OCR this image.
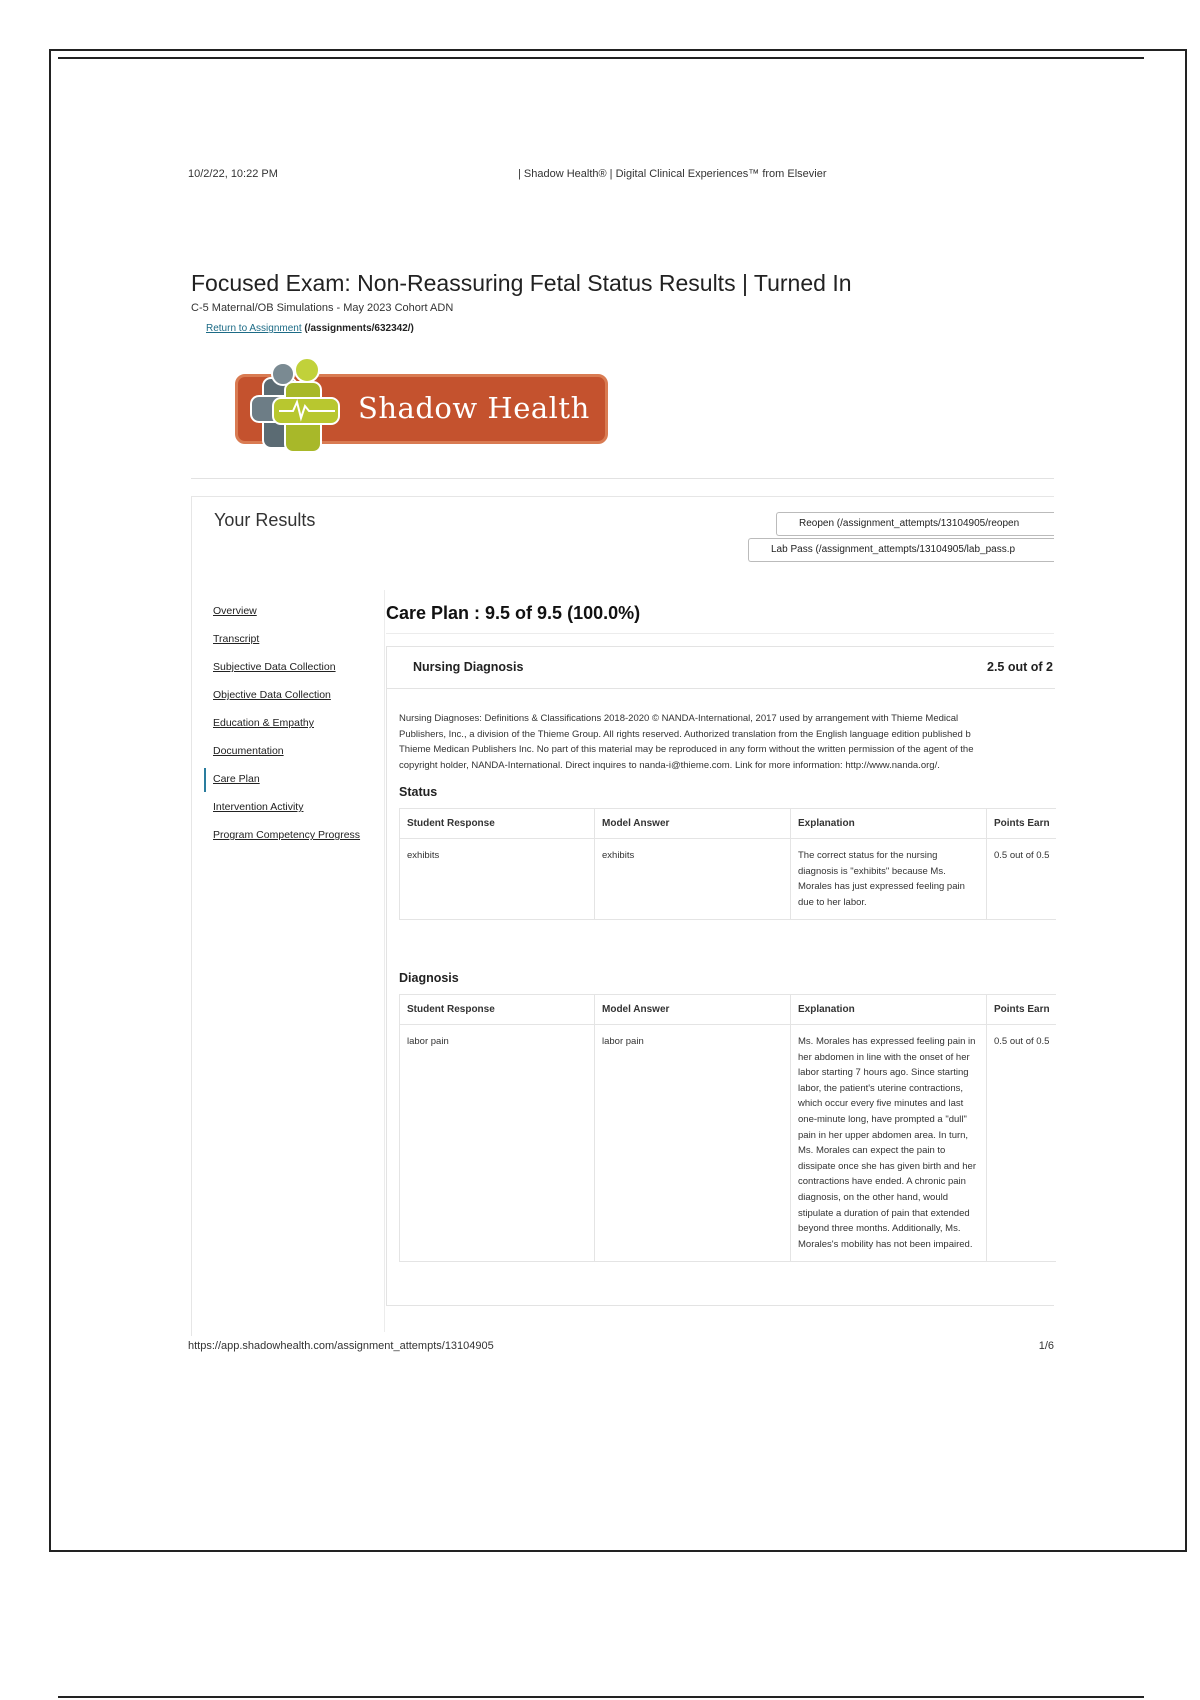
10/2/22, 10:22 PM	| Shadow Health® | Digital Clinical Experiences™ from Elsevier
Focused Exam: Non-Reassuring Fetal Status Results | Turned In
C-5 Maternal/OB Simulations - May 2023 Cohort ADN
Return to Assignment (/assignments/632342/)
Shadow Health
Your Results	Reopen (/assignment_attempts/13104905/reopen
Lab Pass (/assignment_attempts/13104905/lab_pass.p
Overview
Transcript
Subjective Data Collection
Objective Data Collection
Education & Empathy
Documentation
Care Plan
Intervention Activity
Program Competency Progress
Care Plan : 9.5 of 9.5 (100.0%)
Nursing Diagnosis	2.5 out of 2
Nursing Diagnoses: Definitions & Classifications 2018-2020 © NANDA-International, 2017 used by arrangement with Thieme Medical
Publishers, Inc., a division of the Thieme Group. All rights reserved. Authorized translation from the English language edition published b
Thieme Medican Publishers Inc. No part of this material may be reproduced in any form without the written permission of the agent of the
copyright holder, NANDA-International. Direct inquires to nanda-i@thieme.com. Link for more information: http://www.nanda.org/.
Status
Student Response	Model Answer	Explanation	Points Earn
exhibits	exhibits	The correct status for the nursing diagnosis is "exhibits" because Ms. Morales has just expressed feeling pain due to her labor.	0.5 out of 0.5
Diagnosis
Student Response	Model Answer	Explanation	Points Earn
labor pain	labor pain	Ms. Morales has expressed feeling pain in her abdomen in line with the onset of her labor starting 7 hours ago. Since starting labor, the patient's uterine contractions, which occur every five minutes and last one-minute long, have prompted a "dull" pain in her upper abdomen area. In turn, Ms. Morales can expect the pain to dissipate once she has given birth and her contractions have ended. A chronic pain diagnosis, on the other hand, would stipulate a duration of pain that extended beyond three months. Additionally, Ms. Morales's mobility has not been impaired.	0.5 out of 0.5
https://app.shadowhealth.com/assignment_attempts/13104905	1/6
